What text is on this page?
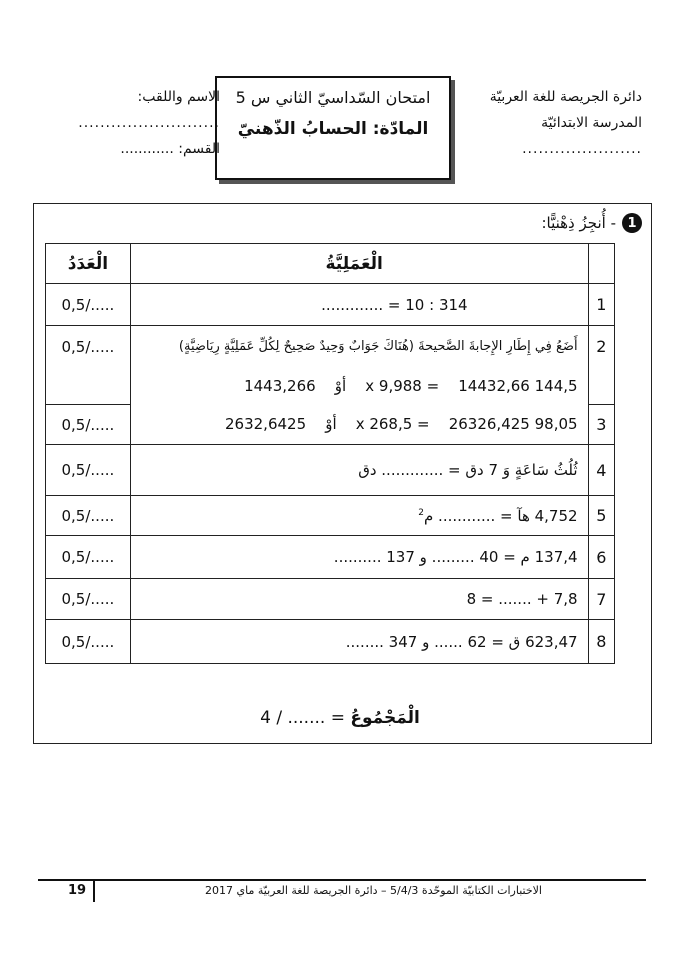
دائرة الجريصة للغة العربيّة
المدرسة الابتدائيّة
......................
امتحان السّداسيّ الثاني س 5
المادّة: الحسابُ الذّهنيّ
الاسم واللقب:
..........................
القسم: ............
1
- أُنجِزُ ذِهْنيًّا:
الْعَدَدُ	الْعَمَلِيَّةُ	
0,5/.....	314 : 10 = .............	1
0,5/.....	أَضَعُ فِي إِطَارِ الإِجابةَ الصَّحيحةَ (هُنَاكَ جَوَابٌ وَحِيدٌ صَحِيحٌ لِكُلِّ عَمَلِيَّةٍ رِيَاضِيَّةٍ)	2
	144,5 x 9,988 =    14432,66    أوْ    1443,266	
0,5/.....	98,05 x 268,5 =    26326,425    أوْ    2632,6425	3
0,5/.....	ثُلُثُ سَاعَةٍ وَ 7 دق = ............. دق	4
0,5/.....	4,752 هآ = ............ م$^2$	5
0,5/.....	137,4 م = 40 ......... و 137 ..........	6
0,5/.....	7,8 + ....... = 8	7
0,5/.....	623,47 ق = 62 ...... و 347 ........	8
الْمَجْمُوعُ = ....... / 4
19	الاختبارات الكتابيّة الموحّدة 5/4/3 – دائرة الجريصة للغة العربيّة ماي 2017
